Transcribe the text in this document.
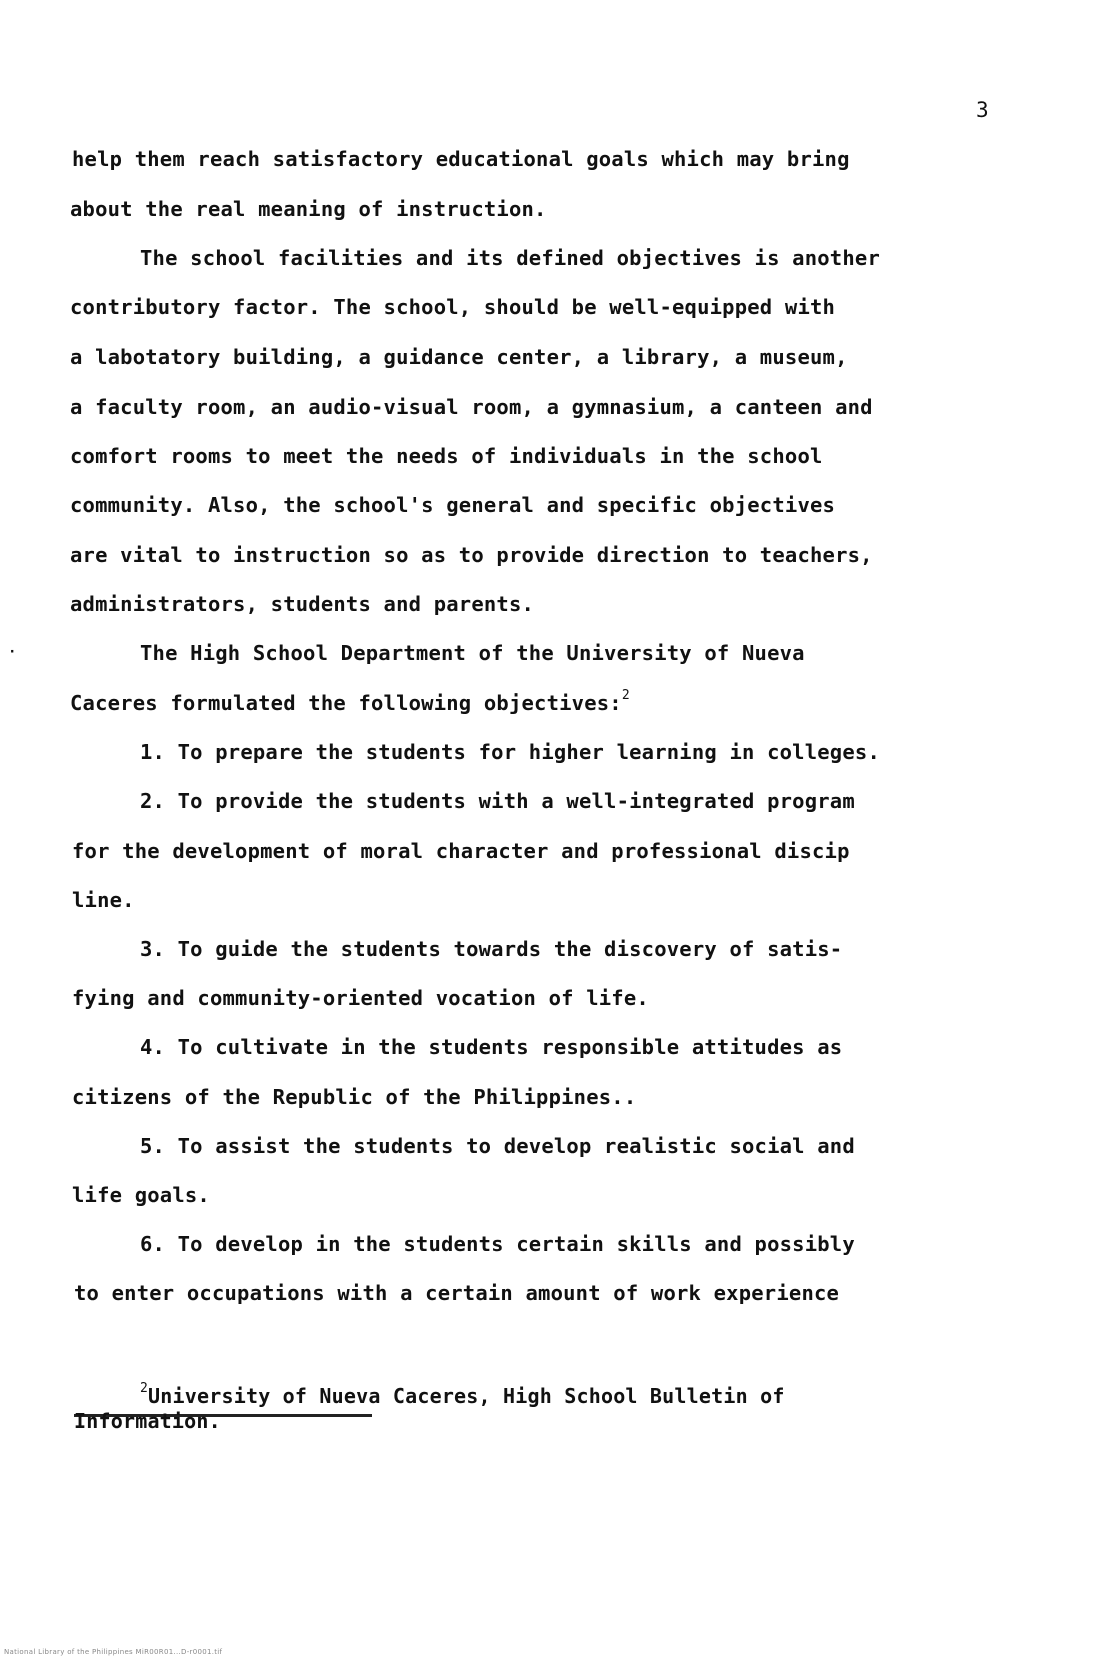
3
help them reach satisfactory educational goals which may bring
about the real meaning of instruction.
The school facilities and its defined objectives is another
contributory factor. The school, should be well-equipped with
a labotatory building, a guidance center, a library, a museum,
a faculty room, an audio-visual room, a gymnasium, a canteen and
comfort rooms to meet the needs of individuals in the school
community. Also, the school's general and specific objectives
are vital to instruction so as to provide direction to teachers,
administrators, students and parents.
·	The High School Department of the University of Nueva
Caceres formulated the following objectives:$^2$
1. To prepare the students for higher learning in colleges.
2. To provide the students with a well-integrated program
for the development of moral character and professional discip
line.
3. To guide the students towards the discovery of satis-
fying and community-oriented vocation of life.
4. To cultivate in the students responsible attitudes as
citizens of the Republic of the Philippines..
5. To assist the students to develop realistic social and
life goals.
6. To develop in the students certain skills and possibly
to enter occupations with a certain amount of work experience
$^2$University of Nueva Caceres, High School Bulletin of
Information.
National Library of the Philippines MiR00R01...D-r0001.tif
